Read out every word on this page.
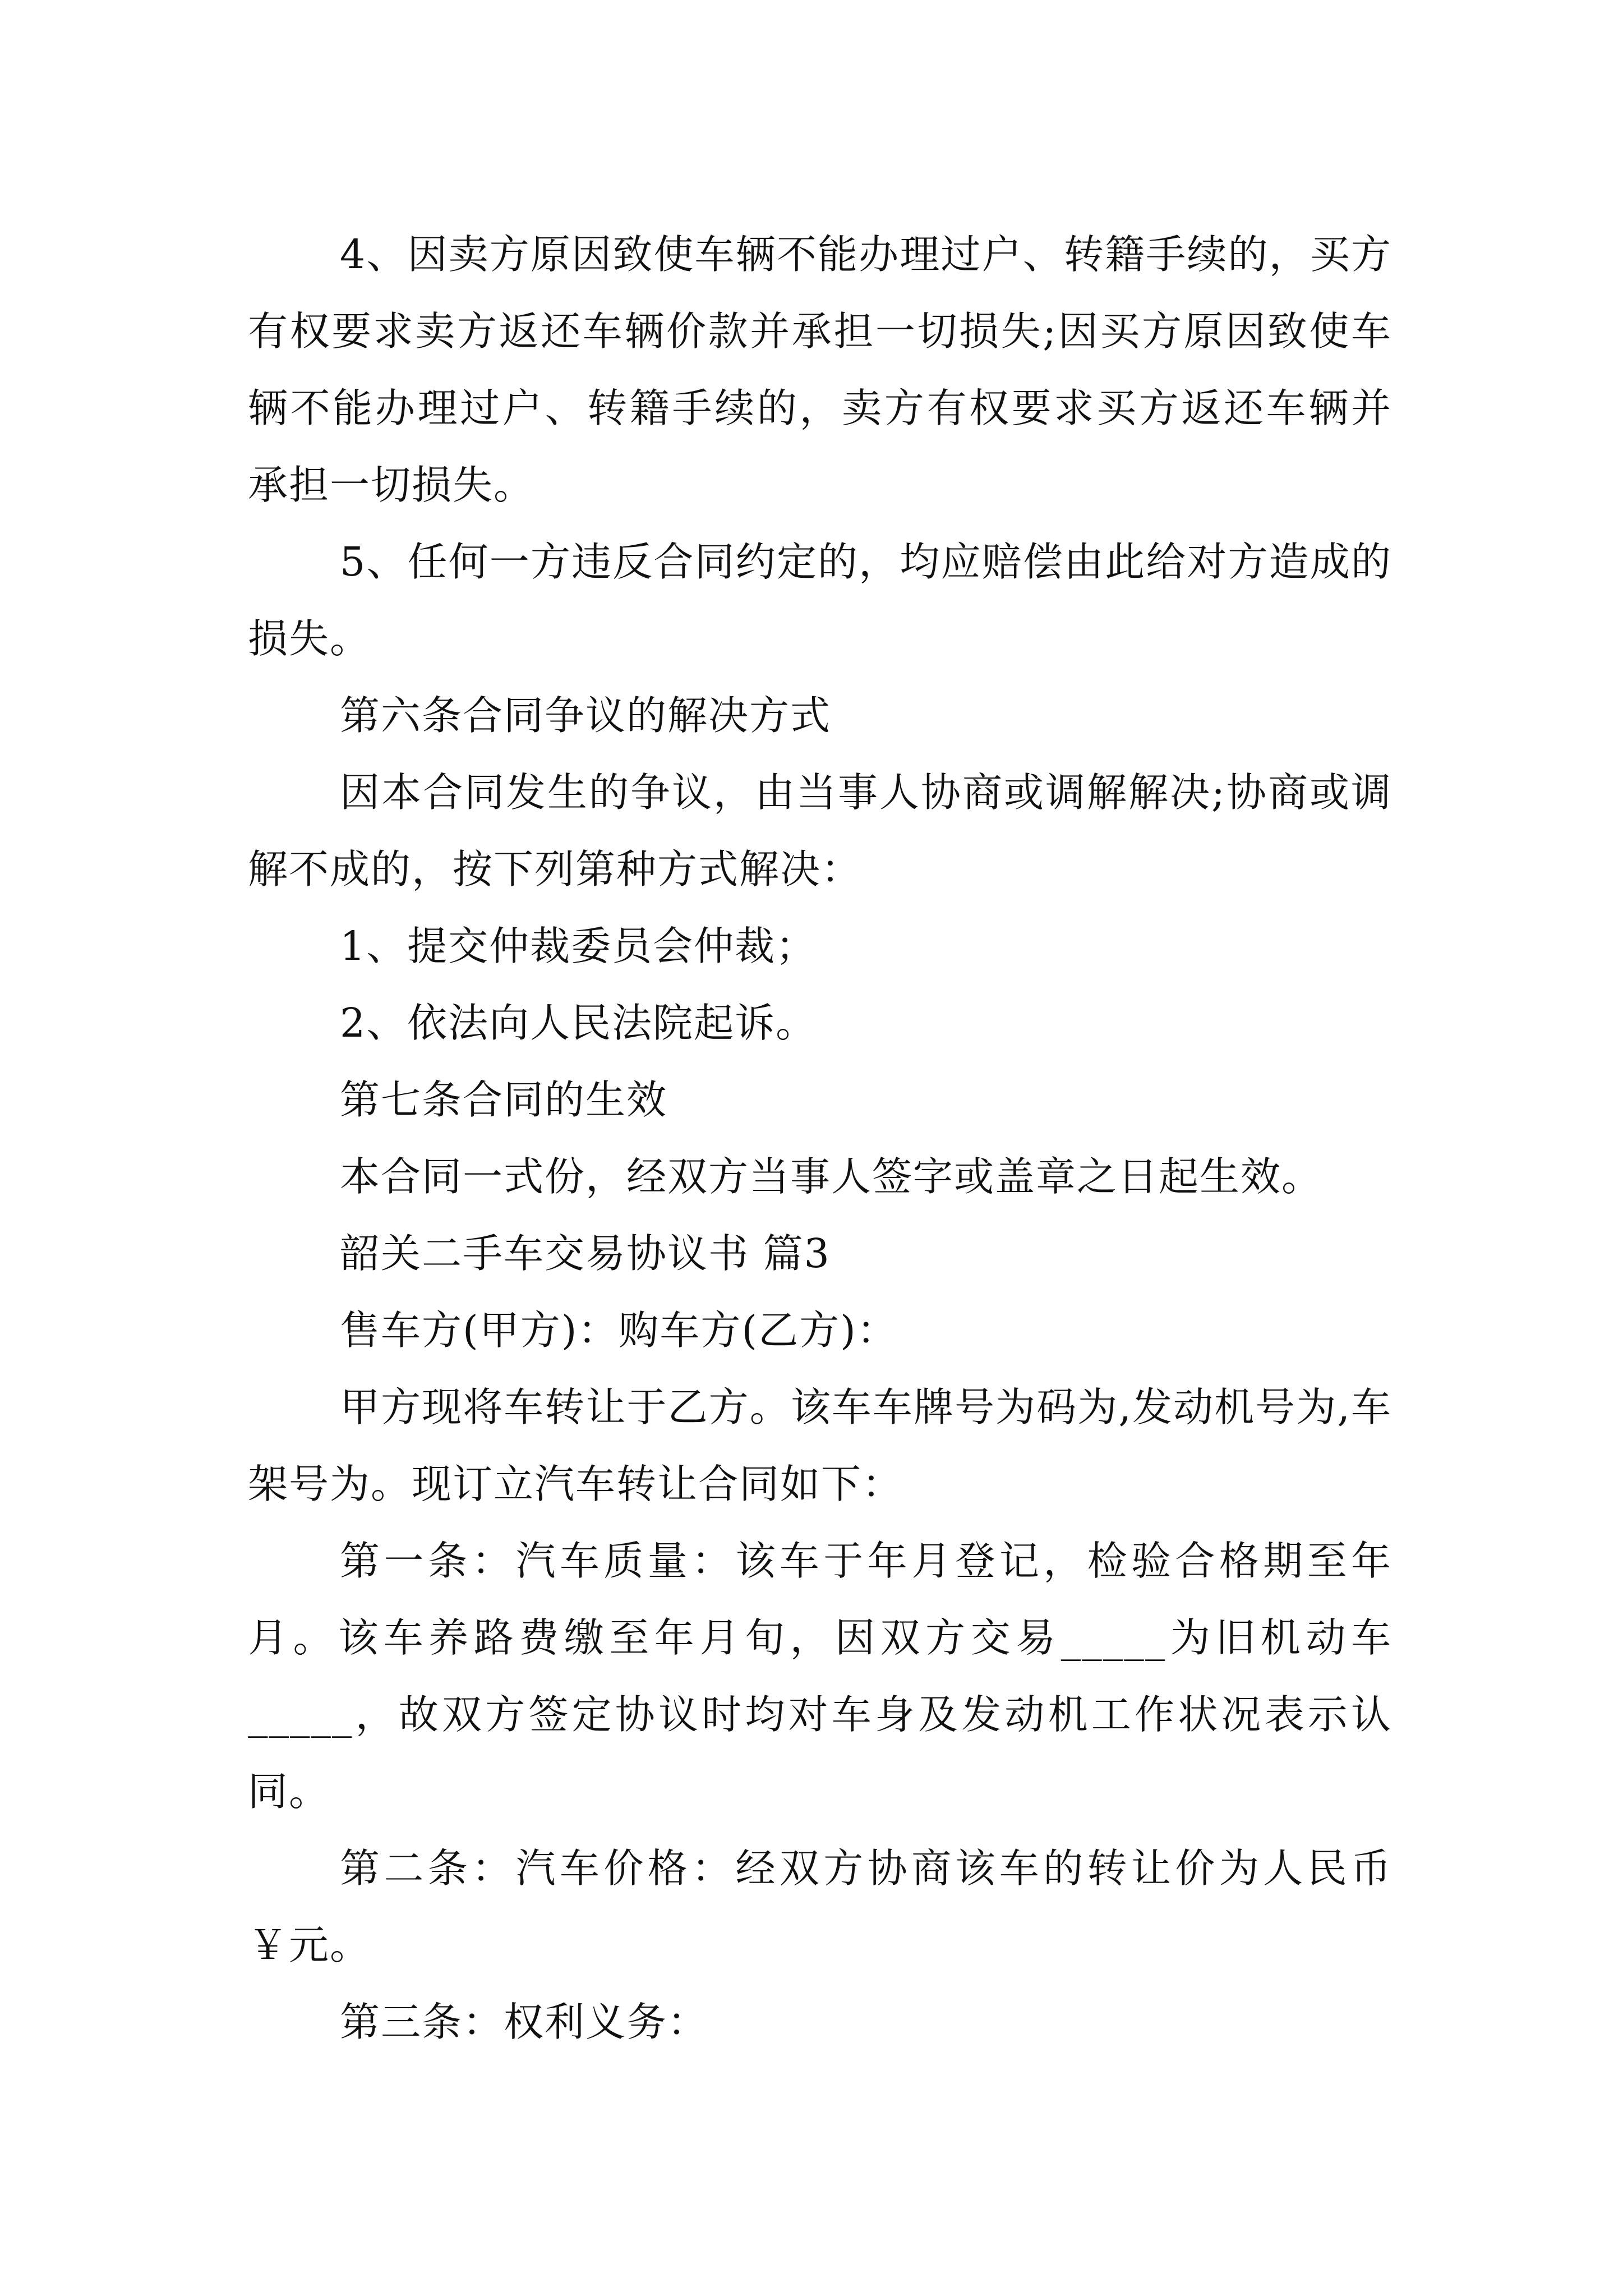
4、因卖方原因致使车辆不能办理过户、转籍手续的，买方有权要求卖方返还车辆价款并承担一切损失;因买方原因致使车辆不能办理过户、转籍手续的，卖方有权要求买方返还车辆并承担一切损失。

5、任何一方违反合同约定的，均应赔偿由此给对方造成的损失。

第六条合同争议的解决方式

因本合同发生的争议，由当事人协商或调解解决;协商或调解不成的，按下列第种方式解决：

1、提交仲裁委员会仲裁；

2、依法向人民法院起诉。

第七条合同的生效

本合同一式份，经双方当事人签字或盖章之日起生效。

韶关二手车交易协议书 篇3

售车方(甲方)：购车方(乙方)：

甲方现将车转让于乙方。该车车牌号为码为,发动机号为,车架号为。现订立汽车转让合同如下：

第一条：汽车质量：该车于年月登记，检验合格期至年月。该车养路费缴至年月旬，因双方交易_____为旧机动车_____，故双方签定协议时均对车身及发动机工作状况表示认同。

第二条：汽车价格：经双方协商该车的转让价为人民币￥元。

第三条：权利义务：
